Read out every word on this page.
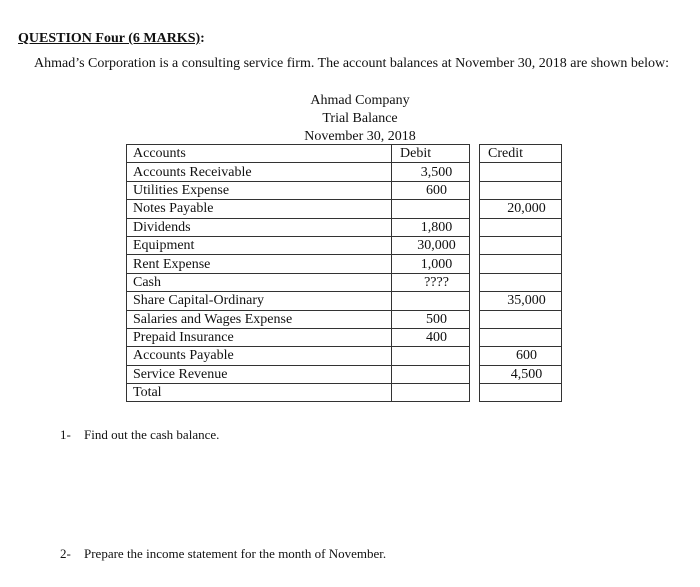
QUESTION Four (6 MARKS):
Ahmad’s Corporation is a consulting service firm. The account balances at November 30, 2018 are shown below:
Ahmad Company
Trial Balance
November 30, 2018
Accounts	Debit		Credit
Accounts Receivable	3,500		
Utilities Expense	600		
Notes Payable			20,000
Dividends	1,800		
Equipment	30,000		
Rent Expense	1,000		
Cash	????		
Share Capital-Ordinary			35,000
Salaries and Wages Expense	500		
Prepaid Insurance	400		
Accounts Payable			600
Service Revenue			4,500
Total			
1- Find out the cash balance.
2- Prepare the income statement for the month of November.
